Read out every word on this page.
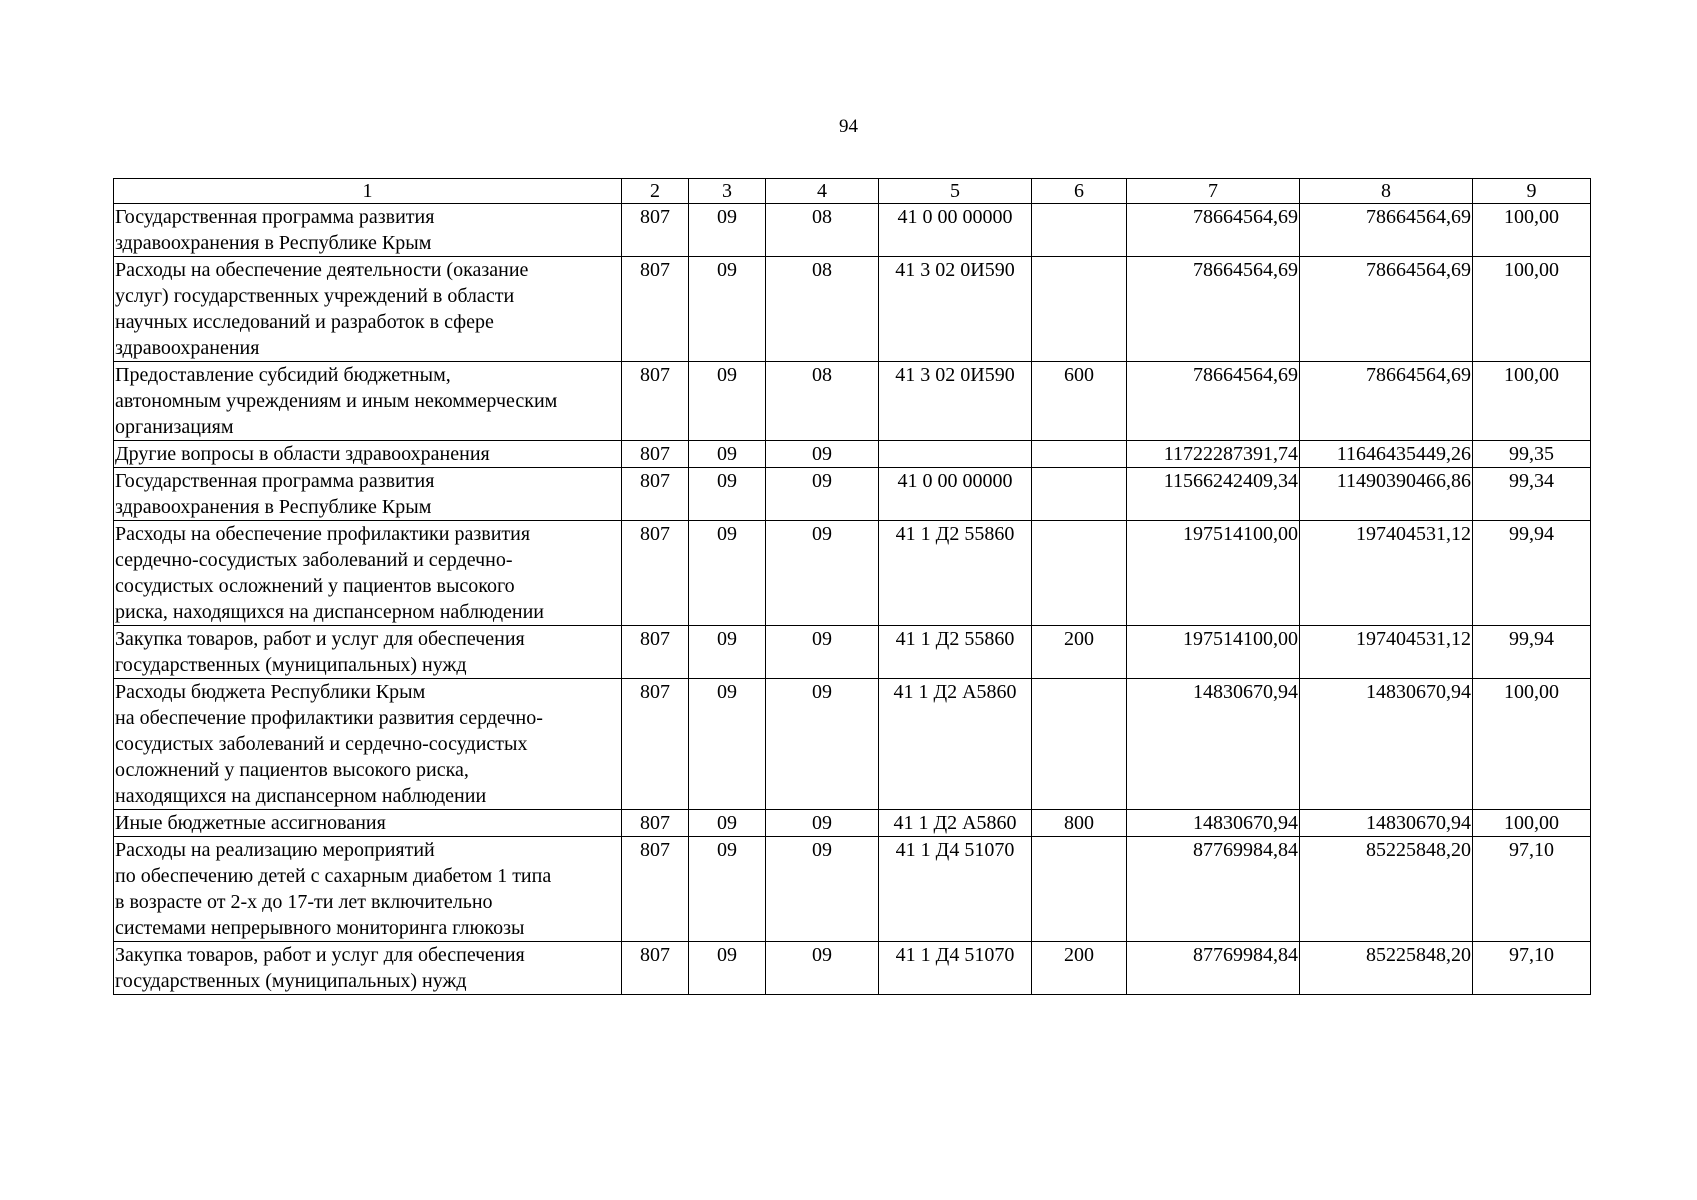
94
1	2	3	4	5	6	7	8	9
Государственная программа развития
здравоохранения в Республике Крым	807	09	08	41 0 00 00000		78664564,69	78664564,69	100,00
Расходы на обеспечение деятельности (оказание
услуг) государственных учреждений в области
научных исследований и разработок в сфере
здравоохранения	807	09	08	41 3 02 0И590		78664564,69	78664564,69	100,00
Предоставление субсидий бюджетным,
автономным учреждениям и иным некоммерческим
организациям	807	09	08	41 3 02 0И590	600	78664564,69	78664564,69	100,00
Другие вопросы в области здравоохранения	807	09	09			11722287391,74	11646435449,26	99,35
Государственная программа развития
здравоохранения в Республике Крым	807	09	09	41 0 00 00000		11566242409,34	11490390466,86	99,34
Расходы на обеспечение профилактики развития
сердечно-сосудистых заболеваний и сердечно-
сосудистых осложнений у пациентов высокого
риска, находящихся на диспансерном наблюдении	807	09	09	41 1 Д2 55860		197514100,00	197404531,12	99,94
Закупка товаров, работ и услуг для обеспечения
государственных (муниципальных) нужд	807	09	09	41 1 Д2 55860	200	197514100,00	197404531,12	99,94
Расходы бюджета Республики Крым
на обеспечение профилактики развития сердечно-
сосудистых заболеваний и сердечно-сосудистых
осложнений у пациентов высокого риска,
находящихся на диспансерном наблюдении	807	09	09	41 1 Д2 А5860		14830670,94	14830670,94	100,00
Иные бюджетные ассигнования	807	09	09	41 1 Д2 А5860	800	14830670,94	14830670,94	100,00
Расходы на реализацию мероприятий
по обеспечению детей с сахарным диабетом 1 типа
в возрасте от 2-х до 17-ти лет включительно
системами непрерывного мониторинга глюкозы	807	09	09	41 1 Д4 51070		87769984,84	85225848,20	97,10
Закупка товаров, работ и услуг для обеспечения
государственных (муниципальных) нужд	807	09	09	41 1 Д4 51070	200	87769984,84	85225848,20	97,10
